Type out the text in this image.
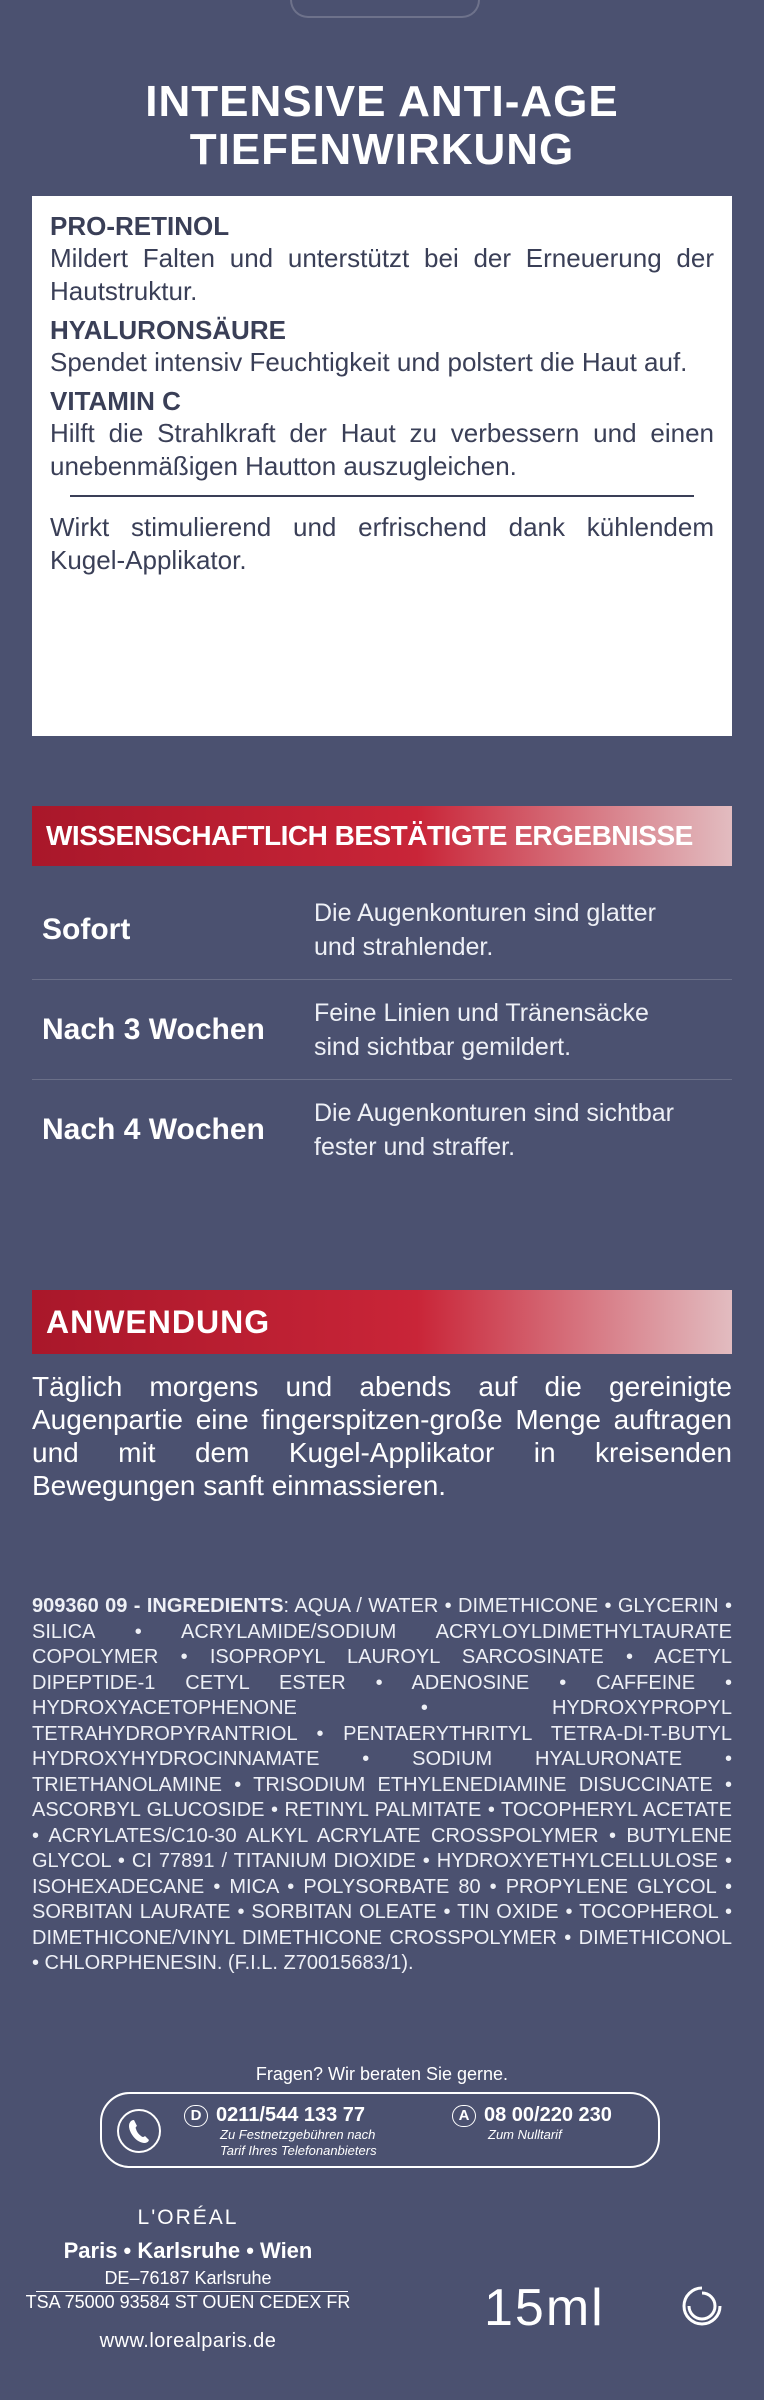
INTENSIVE ANTI-AGE
TIEFENWIRKUNG
PRO-RETINOL
Mildert Falten und unterstützt bei der Erneuerung der Hautstruktur.
HYALURONSÄURE
Spendet intensiv Feuchtigkeit und polstert die Haut auf.
VITAMIN C
Hilft die Strahlkraft der Haut zu verbessern und einen unebenmäßigen Hautton auszugleichen.
Wirkt stimulierend und erfrischend dank kühlendem Kugel-Applikator.
WISSENSCHAFTLICH BESTÄTIGTE ERGEBNISSE
Sofort	Die Augenkonturen sind glatter
und strahlender.
Nach 3 Wochen	Feine Linien und Tränensäcke
sind sichtbar gemildert.
Nach 4 Wochen	Die Augenkonturen sind sichtbar
fester und straffer.
ANWENDUNG
Täglich morgens und abends auf die gereinigte Augenpartie eine fingerspitzen-große Menge auftragen und mit dem Kugel-Applikator in kreisenden Bewegungen sanft einmassieren.
909360 09 - INGREDIENTS: AQUA / WATER • DIMETHICONE • GLYCERIN • SILICA • ACRYLAMIDE/SODIUM ACRYLOYLDIMETHYLTAURATE COPOLYMER • ISOPROPYL LAUROYL SARCOSINATE • ACETYL DIPEPTIDE-1 CETYL ESTER • ADENOSINE • CAFFEINE • HYDROXYACETOPHENONE • HYDROXYPROPYL TETRAHYDROPYRANTRIOL • PENTAERYTHRITYL TETRA-DI-T-BUTYL HYDROXYHYDROCINNAMATE • SODIUM HYALURONATE • TRIETHANOLAMINE • TRISODIUM ETHYLENEDIAMINE DISUCCINATE • ASCORBYL GLUCOSIDE • RETINYL PALMITATE • TOCOPHERYL ACETATE • ACRYLATES/C10-30 ALKYL ACRYLATE CROSSPOLYMER • BUTYLENE GLYCOL • CI 77891 / TITANIUM DIOXIDE • HYDROXYETHYLCELLULOSE • ISOHEXADECANE • MICA • POLYSORBATE 80 • PROPYLENE GLYCOL • SORBITAN LAURATE • SORBITAN OLEATE • TIN OXIDE • TOCOPHEROL • DIMETHICONE/VINYL DIMETHICONE CROSSPOLYMER • DIMETHICONOL • CHLORPHENESIN. (F.I.L. Z70015683/1).
Fragen? Wir beraten Sie gerne.
D 0211/544 133 77
Zu Festnetzgebühren nach
Tarif Ihres Telefonanbieters
A 08 00/220 230
Zum Nulltarif
L'ORÉAL
Paris • Karlsruhe • Wien
DE–76187 Karlsruhe
TSA 75000 93584 ST OUEN CEDEX FR
www.lorealparis.de
15ml
